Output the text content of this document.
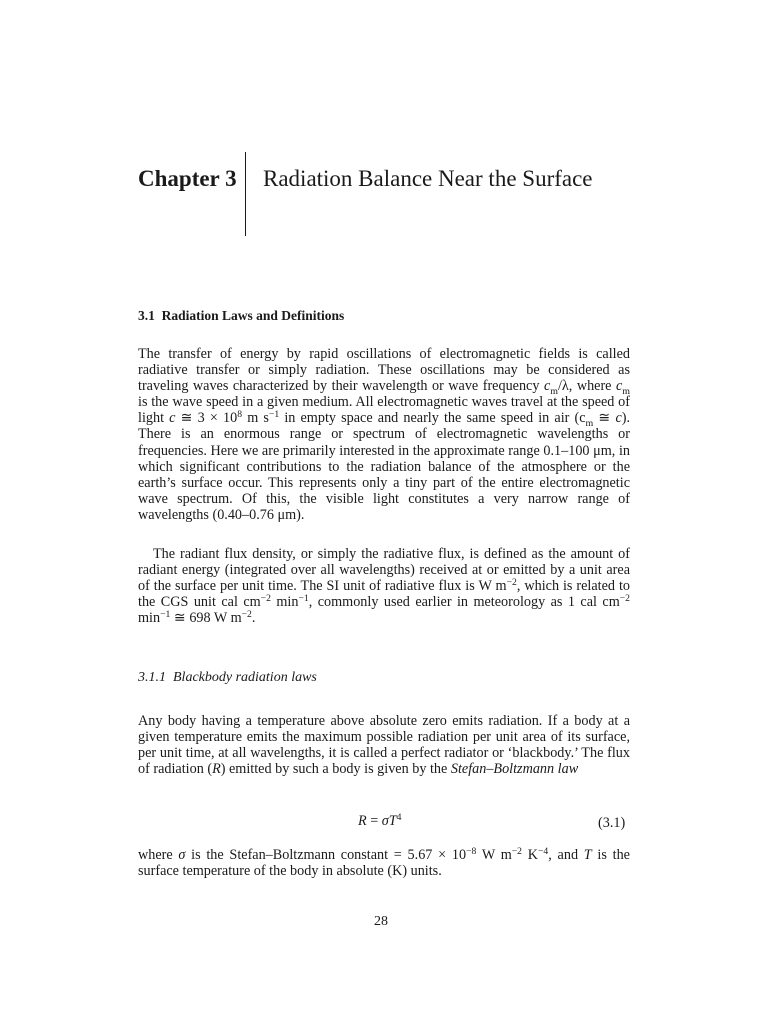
Chapter 3 Radiation Balance Near the Surface
3.1 Radiation Laws and Definitions

The transfer of energy by rapid oscillations of electromagnetic fields is called radiative transfer or simply radiation. These oscillations may be considered as traveling waves characterized by their wavelength or wave frequency $c_m/\lambda$, where $c_m$ is the wave speed in a given medium. All electromagnetic waves travel at the speed of light c ≅ $3 \times 10^8$ m $s^{-1}$ in empty space and nearly the same speed in air ($c_m$ ≅ c). There is an enormous range or spectrum of electromagnetic wavelengths or frequencies. Here we are primarily interested in the approximate range 0.1–100 μm, in which significant contributions to the radiation balance of the atmosphere or the earth’s surface occur. This represents only a tiny part of the entire electromagnetic wave spectrum. Of this, the visible light constitutes a very narrow range of wavelengths (0.40–0.76 μm).

The radiant flux density, or simply the radiative flux, is defined as the amount of radiant energy (integrated over all wavelengths) received at or emitted by a unit area of the surface per unit time. The SI unit of radiative flux is W $m^{-2}$, which is related to the CGS unit cal $cm^{-2}$ $\min^{-1}$, commonly used earlier in meteorology as 1 cal $cm^{-2}$ $\min^{-1}$ ≅ 698 W $m^{-2}$.

3.1.1 Blackbody radiation laws

Any body having a temperature above absolute zero emits radiation. If a body at a given temperature emits the maximum possible radiation per unit area of its surface, per unit time, at all wavelengths, it is called a perfect radiator or ‘blackbody.’ The flux of radiation (R) emitted by such a body is given by the Stefan–Boltzmann law

$R = \sigma T^4$	(3.1)

where σ is the Stefan–Boltzmann constant = $5.67 \times 10^{-8}$ W $m^{-2}$ $K^{-4}$, and T is the surface temperature of the body in absolute (K) units.

28
